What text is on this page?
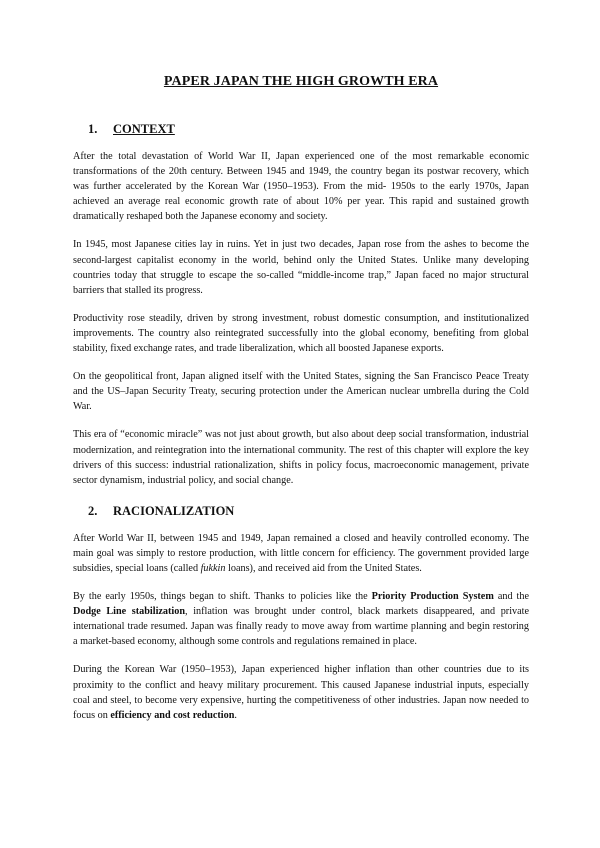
PAPER JAPAN THE HIGH GROWTH ERA
1. CONTEXT

After the total devastation of World War II, Japan experienced one of the most remarkable economic transformations of the 20th century. Between 1945 and 1949, the country began its postwar recovery, which was further accelerated by the Korean War (1950–1953). From the mid- 1950s to the early 1970s, Japan achieved an average real economic growth rate of about 10% per year. This rapid and sustained growth dramatically reshaped both the Japanese economy and society.

In 1945, most Japanese cities lay in ruins. Yet in just two decades, Japan rose from the ashes to become the second-largest capitalist economy in the world, behind only the United States. Unlike many developing countries today that struggle to escape the so-called “middle-income trap,” Japan faced no major structural barriers that stalled its progress.

Productivity rose steadily, driven by strong investment, robust domestic consumption, and institutionalized improvements. The country also reintegrated successfully into the global economy, benefiting from global stability, fixed exchange rates, and trade liberalization, which all boosted Japanese exports.

On the geopolitical front, Japan aligned itself with the United States, signing the San Francisco Peace Treaty and the US–Japan Security Treaty, securing protection under the American nuclear umbrella during the Cold War.

This era of “economic miracle” was not just about growth, but also about deep social transformation, industrial modernization, and reintegration into the international community. The rest of this chapter will explore the key drivers of this success: industrial rationalization, shifts in policy focus, macroeconomic management, private sector dynamism, industrial policy, and social change.

2. RACIONALIZATION

After World War II, between 1945 and 1949, Japan remained a closed and heavily controlled economy. The main goal was simply to restore production, with little concern for efficiency. The government provided large subsidies, special loans (called fukkin loans), and received aid from the United States.

By the early 1950s, things began to shift. Thanks to policies like the Priority Production System and the Dodge Line stabilization, inflation was brought under control, black markets disappeared, and private international trade resumed. Japan was finally ready to move away from wartime planning and begin restoring a market-based economy, although some controls and regulations remained in place.

During the Korean War (1950–1953), Japan experienced higher inflation than other countries due to its proximity to the conflict and heavy military procurement. This caused Japanese industrial inputs, especially coal and steel, to become very expensive, hurting the competitiveness of other industries. Japan now needed to focus on efficiency and cost reduction.
